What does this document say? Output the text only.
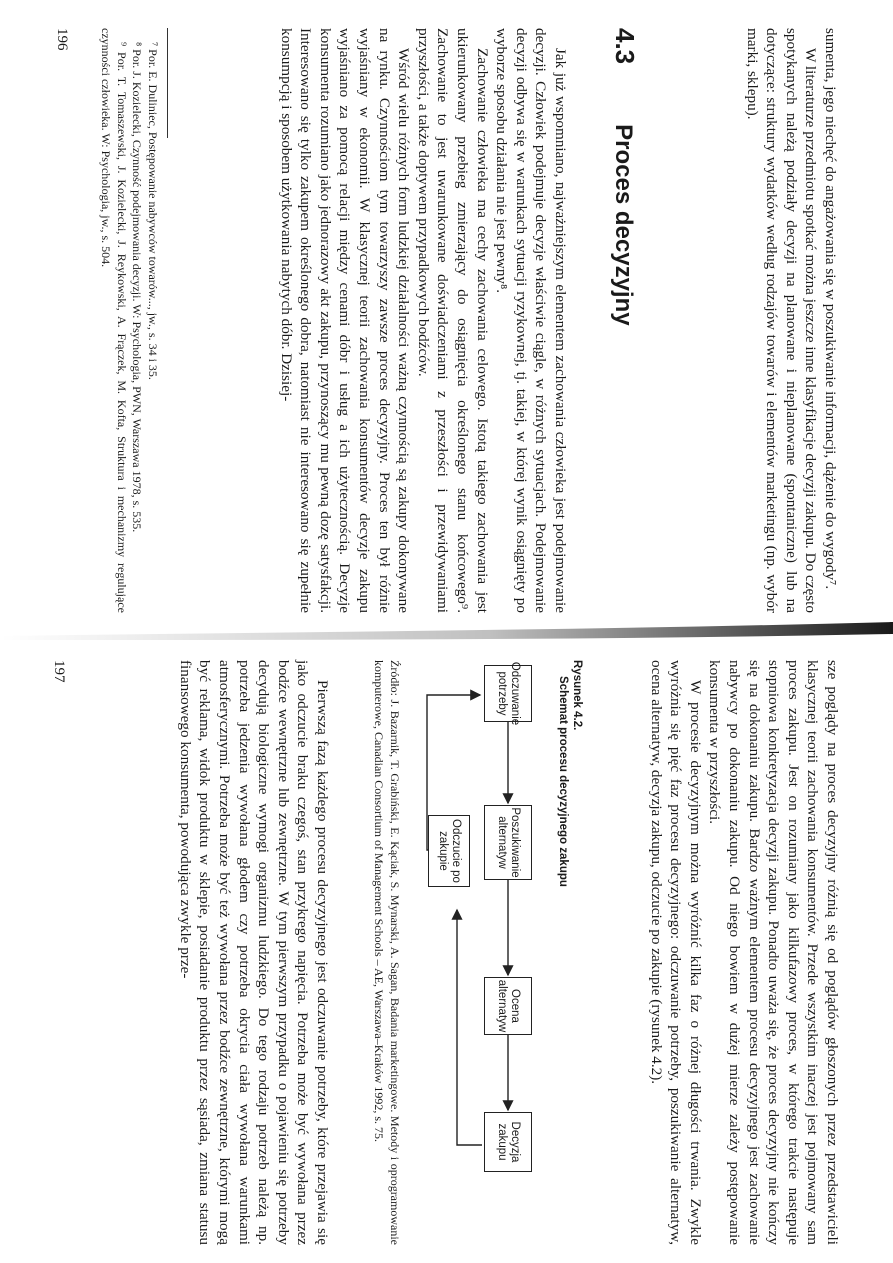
sumenta, jego niechęć do angażowania się w poszukiwanie informacji, dążenie do wygody⁷.

W literaturze przedmiotu spotkać można jeszcze inne klasyfikacje decyzji zakupu. Do często spotykanych należą podziały decyzji na planowane i nieplanowane (spontaniczne) lub na dotyczące: struktury wydatków według rodzajów towarów i elementów marketingu (np. wybór marki, sklepu).

4.3
Proces decyzyjny

Jak już wspomniano, najważniejszym elementem zachowania człowieka jest podejmowanie decyzji. Człowiek podejmuje decyzje właściwie ciągle, w różnych sytuacjach. Podejmowanie decyzji odbywa się w warunkach sytuacji ryzykownej, tj. takiej, w której wynik osiągnięty po wyborze sposobu działania nie jest pewny⁸.

Zachowanie człowieka ma cechy zachowania celowego. Istotą takiego zachowania jest ukierunkowany przebieg zmierzający do osiągnięcia określonego stanu końcowego⁹. Zachowanie to jest uwarunkowane doświadczeniami z przeszłości i przewidywaniami przyszłości, a także doptywem przypadkowych bodźców.

Wśród wielu różnych form ludzkiej działalności ważną czynnością są zakupy dokonywane na rynku. Czynnościom tym towarzyszy zawsze proces decyzyjny. Proces ten był różnie wyjaśniany w ekonomii. W klasycznej teorii zachowania konsumentów decyzje zakupu wyjaśniano za pomocą relacji między cenami dóbr i usług a ich użytecznością. Decyzje konsumenta rozumiano jako jednorazowy akt zakupu, przynoszący mu pewną dozę satysfakcji. Interesowano się tylko zakupem określonego dobra, natomiast nie interesowano się zupełnie konsumpcją i sposobem użytkowania nabytych dóbr. Dzisiej-

⁷ Por. E. Duliniec, Postępowanie nabywców towarów..., jw., s. 34 i 35.

⁸ Por. J. Kozielecki, Czynność podejmowania decyzji. W: Psychologia, PWN, Warszawa 1978, s. 535.

⁹ Por. T. Tomaszewski, J. Kozielecki, J. Reykowski, A. Frączek, M. Kofta, Struktura i mechanizmy regulujące czynności człowieka. W: Psychologia, jw., s. 504.

196

sze poglądy na proces decyzyjny różnią się od poglądów głoszonych przez przedstawicieli klasycznej teorii zachowania konsumentów. Przede wszystkim inaczej jest pojmowany sam proces zakupu. Jest on rozumiany jako kilkufazowy proces, w którego trakcie następuje stopniowa konkretyzacja decyzji zakupu. Ponadto uważa się, że proces decyzyjny nie kończy się na dokonaniu zakupu. Bardzo ważnym elementem procesu decyzyjnego jest zachowanie nabywcy po dokonaniu zakupu. Od niego bowiem w dużej mierze zależy postępowanie konsumenta w przyszłości.

W procesie decyzyjnym można wyróżnić kilka faz o różnej długości trwania. Zwykle wyróżnia się pięć faz procesu decyzyjnego: odczuwanie potrzeby, poszukiwanie alternatyw, ocena alternatyw, decyzja zakupu, odczucie po zakupie (rysunek 4.2).

Rysunek 4.2.
Schemat procesu decyzyjnego zakupu
Odczuwanie potrzeby
Poszukiwanie alternatyw
Ocena alternatyw
Decyzja zakupu
Odczucie po zakupie
Źródło: J. Bazarnik, T. Grabiński, E. Kąciak, S. Mynarski, A. Sagan, Badania marketingowe. Metody i oprogramowanie komputerowe, Canadian Consortium of Management Schools – AE, Warszawa–Kraków 1992, s. 75.

Pierwszą fazą każdego procesu decyzyjnego jest odczuwanie potrzeby, które przejawia się jako odczucie braku czegoś, stan przykrego napięcia. Potrzeba może być wywołana przez bodźce wewnętrzne lub zewnętrzne. W tym pierwszym przypadku o pojawieniu się potrzeby decydują biologiczne wymogi organizmu ludzkiego. Do tego rodzaju potrzeb należą np. potrzeba jedzenia wywołana głodem czy potrzeba okrycia ciała wywołana warunkami atmosferycznymi. Potrzeba może być też wywołana przez bodźce zewnętrzne, którymi mogą być reklama, widok produktu w sklepie, posiadanie produktu przez sąsiada, zmiana statusu finansowego konsumenta, powodująca zwykle prze-

197
